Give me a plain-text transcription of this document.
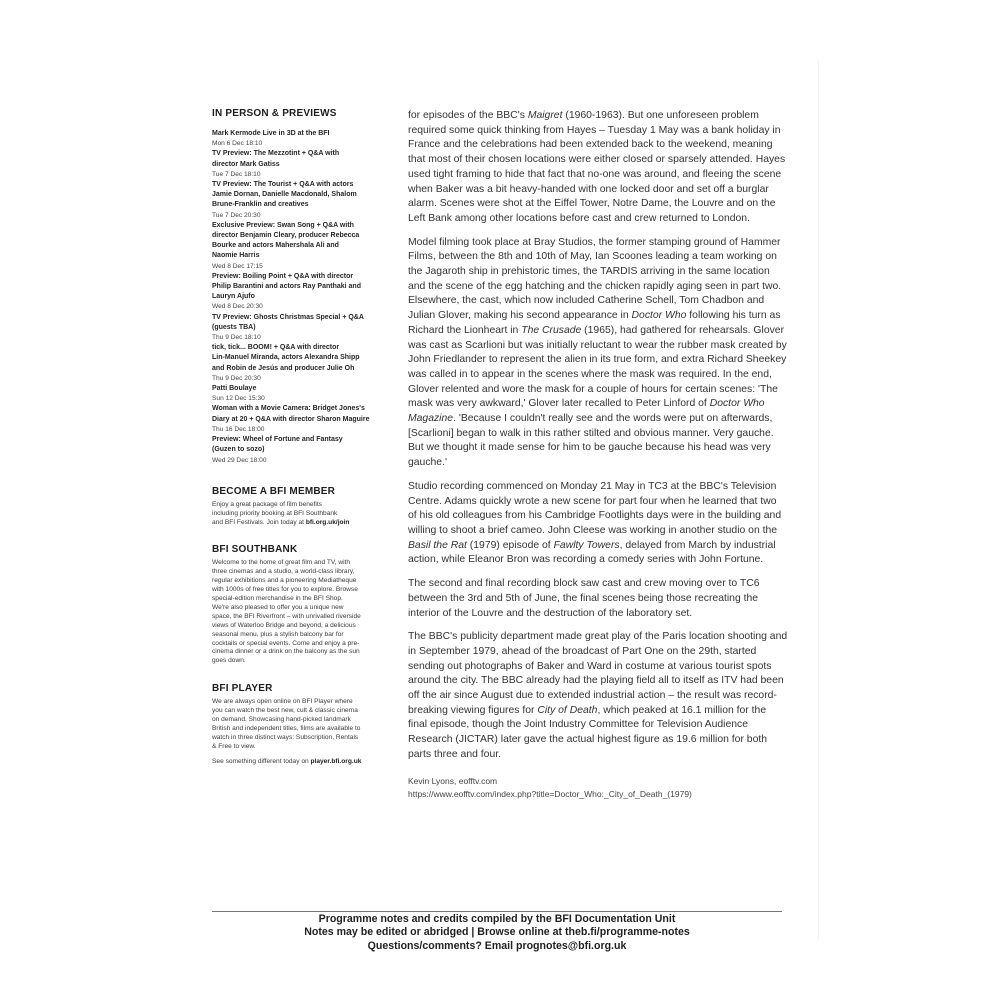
IN PERSON & PREVIEWS
Mark Kermode Live in 3D at the BFI
Mon 6 Dec 18:10
TV Preview: The Mezzotint + Q&A with
director Mark Gatiss
Tue 7 Dec 18:10
TV Preview: The Tourist + Q&A with actors
Jamie Dornan, Danielle Macdonald, Shalom
Brune-Franklin and creatives
Tue 7 Dec 20:30
Exclusive Preview: Swan Song + Q&A with
director Benjamin Cleary, producer Rebecca
Bourke and actors Mahershala Ali and
Naomie Harris
Wed 8 Dec 17:15
Preview: Boiling Point + Q&A with director
Philip Barantini and actors Ray Panthaki and
Lauryn Ajufo
Wed 8 Dec 20:30
TV Preview: Ghosts Christmas Special + Q&A
(guests TBA)
Thu 9 Dec 18:10
tick, tick... BOOM! + Q&A with director
Lin-Manuel Miranda, actors Alexandra Shipp
and Robin de Jesús and producer Julie Oh
Thu 9 Dec 20:30
Patti Boulaye
Sun 12 Dec 15:30
Woman with a Movie Camera: Bridget Jones's
Diary at 20 + Q&A with director Sharon Maguire
Thu 16 Dec 18:00
Preview: Wheel of Fortune and Fantasy
(Guzen to sozo)
Wed 29 Dec 18:00
BECOME A BFI MEMBER

Enjoy a great package of film benefits
including priority booking at BFI Southbank
and BFI Festivals. Join today at bfi.org.uk/join

BFI SOUTHBANK

Welcome to the home of great film and TV, with
three cinemas and a studio, a world-class library,
regular exhibitions and a pioneering Mediatheque
with 1000s of free titles for you to explore. Browse
special-edition merchandise in the BFI Shop.
We're also pleased to offer you a unique new
space, the BFI Riverfront – with unrivalled riverside
views of Waterloo Bridge and beyond, a delicious
seasonal menu, plus a stylish balcony bar for
cocktails or special events. Come and enjoy a pre-
cinema dinner or a drink on the balcony as the sun
goes down.

BFI PLAYER

We are always open online on BFI Player where
you can watch the best new, cult & classic cinema
on demand. Showcasing hand-picked landmark
British and independent titles, films are available to
watch in three distinct ways: Subscription, Rentals
& Free to view.

See something different today on player.bfi.org.uk

for episodes of the BBC's Maigret (1960-1963). But one unforeseen problem required some quick thinking from Hayes – Tuesday 1 May was a bank holiday in France and the celebrations had been extended back to the weekend, meaning that most of their chosen locations were either closed or sparsely attended. Hayes used tight framing to hide that fact that no-one was around, and fleeing the scene when Baker was a bit heavy-handed with one locked door and set off a burglar alarm. Scenes were shot at the Eiffel Tower, Notre Dame, the Louvre and on the Left Bank among other locations before cast and crew returned to London.

Model filming took place at Bray Studios, the former stamping ground of Hammer Films, between the 8th and 10th of May, Ian Scoones leading a team working on the Jagaroth ship in prehistoric times, the TARDIS arriving in the same location and the scene of the egg hatching and the chicken rapidly aging seen in part two. Elsewhere, the cast, which now included Catherine Schell, Tom Chadbon and Julian Glover, making his second appearance in Doctor Who following his turn as Richard the Lionheart in The Crusade (1965), had gathered for rehearsals. Glover was cast as Scarlioni but was initially reluctant to wear the rubber mask created by John Friedlander to represent the alien in its true form, and extra Richard Sheekey was called in to appear in the scenes where the mask was required. In the end, Glover relented and wore the mask for a couple of hours for certain scenes: 'The mask was very awkward,' Glover later recalled to Peter Linford of Doctor Who Magazine. 'Because I couldn't really see and the words were put on afterwards, [Scarlioni] began to walk in this rather stilted and obvious manner. Very gauche. But we thought it made sense for him to be gauche because his head was very gauche.'

Studio recording commenced on Monday 21 May in TC3 at the BBC's Television Centre. Adams quickly wrote a new scene for part four when he learned that two of his old colleagues from his Cambridge Footlights days were in the building and willing to shoot a brief cameo. John Cleese was working in another studio on the Basil the Rat (1979) episode of Fawlty Towers, delayed from March by industrial action, while Eleanor Bron was recording a comedy series with John Fortune.

The second and final recording block saw cast and crew moving over to TC6 between the 3rd and 5th of June, the final scenes being those recreating the interior of the Louvre and the destruction of the laboratory set.

The BBC's publicity department made great play of the Paris location shooting and in September 1979, ahead of the broadcast of Part One on the 29th, started sending out photographs of Baker and Ward in costume at various tourist spots around the city. The BBC already had the playing field all to itself as ITV had been off the air since August due to extended industrial action – the result was record-breaking viewing figures for City of Death, which peaked at 16.1 million for the final episode, though the Joint Industry Committee for Television Audience Research (JICTAR) later gave the actual highest figure as 19.6 million for both parts three and four.

Kevin Lyons, eofftv.com

https://www.eofftv.com/index.php?title=Doctor_Who:_City_of_Death_(1979)

Programme notes and credits compiled by the BFI Documentation Unit
Notes may be edited or abridged | Browse online at theb.fi/programme-notes
Questions/comments? Email prognotes@bfi.org.uk
